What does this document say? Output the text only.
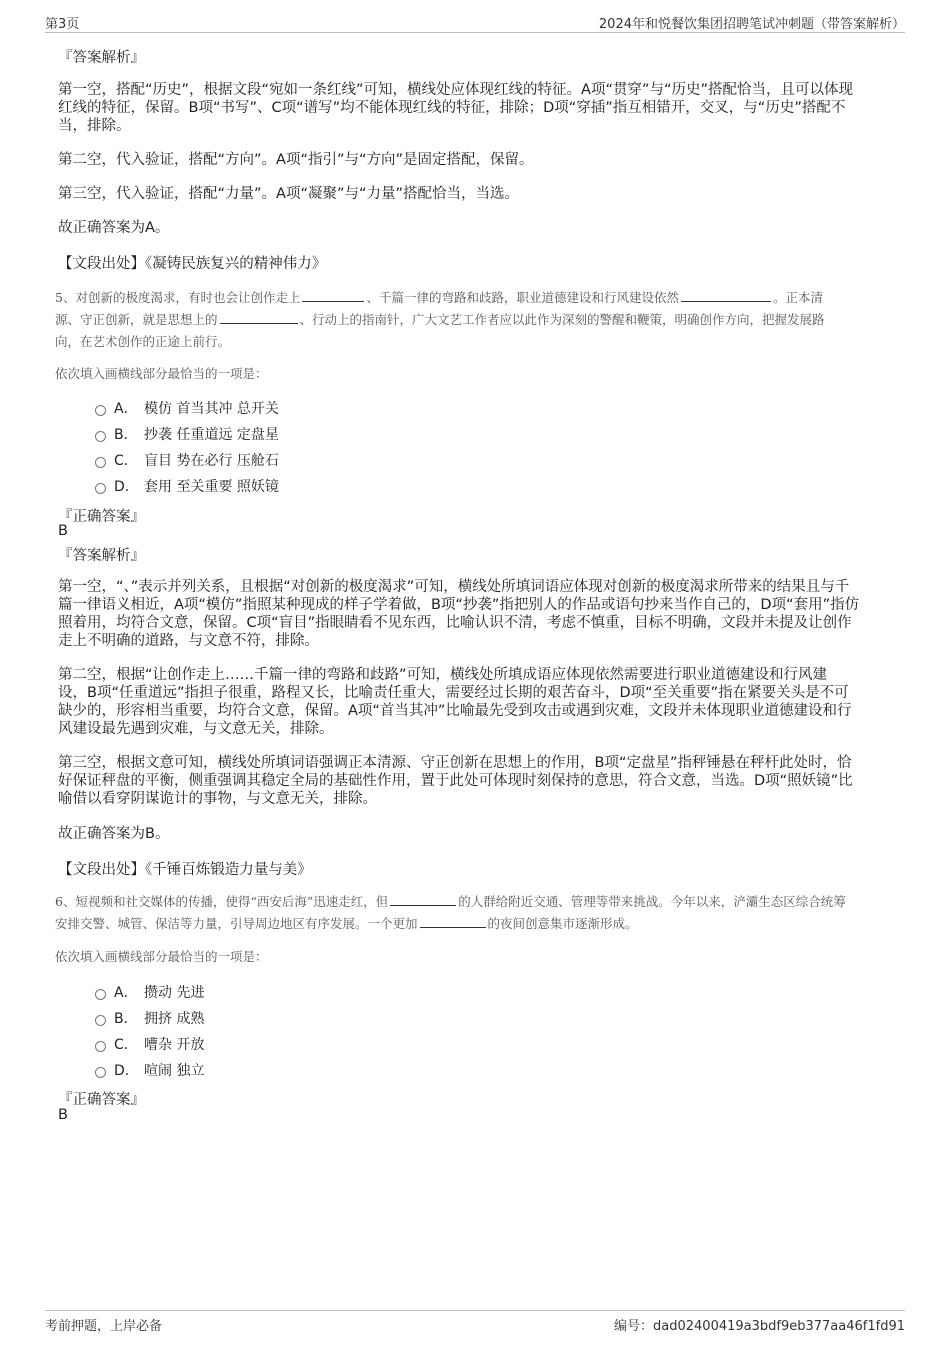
第3页	2024年和悦餐饮集团招聘笔试冲刺题（带答案解析）
『答案解析』
第一空，搭配“历史”，根据文段“宛如一条红线”可知，横线处应体现红线的特征。A项“贯穿”与“历史”搭配恰当，且可以体现
红线的特征，保留。B项“书写”、C项“谱写”均不能体现红线的特征，排除；D项“穿插”指互相错开，交叉，与“历史”搭配不
当，排除。
第二空，代入验证，搭配“方向”。A项“指引”与“方向”是固定搭配，保留。
第三空，代入验证，搭配“力量”。A项“凝聚”与“力量”搭配恰当，当选。
故正确答案为A。
【文段出处】《凝铸民族复兴的精神伟力》
5、对创新的极度渴求，有时也会让创作走上	、千篇一律的弯路和歧路，职业道德建设和行风建设依然	。正本清
源、守正创新，就是思想上的	、行动上的指南针，广大文艺工作者应以此作为深刻的警醒和鞭策，明确创作方向，把握发展路
向，在艺术创作的正途上前行。
依次填入画横线部分最恰当的一项是：
A． 模仿 首当其冲 总开关
B． 抄袭 任重道远 定盘星
C． 盲目 势在必行 压舱石
D． 套用 至关重要 照妖镜
『正确答案』
B
『答案解析』
第一空，“、”表示并列关系，且根据“对创新的极度渴求”可知，横线处所填词语应体现对创新的极度渴求所带来的结果且与千
篇一律语义相近，A项“模仿”指照某种现成的样子学着做，B项“抄袭”指把别人的作品或语句抄来当作自己的，D项“套用”指仿
照着用，均符合文意，保留。C项“盲目”指眼睛看不见东西，比喻认识不清，考虑不慎重，目标不明确，文段并未提及让创作
走上不明确的道路，与文意不符，排除。
第二空，根据“让创作走上……千篇一律的弯路和歧路”可知，横线处所填成语应体现依然需要进行职业道德建设和行风建
设，B项“任重道远”指担子很重，路程又长，比喻责任重大，需要经过长期的艰苦奋斗，D项“至关重要”指在紧要关头是不可
缺少的，形容相当重要，均符合文意，保留。A项“首当其冲”比喻最先受到攻击或遇到灾难，文段并未体现职业道德建设和行
风建设最先遇到灾难，与文意无关，排除。
第三空，根据文意可知，横线处所填词语强调正本清源、守正创新在思想上的作用，B项“定盘星”指秤锤悬在秤杆此处时，恰
好保证秤盘的平衡，侧重强调其稳定全局的基础性作用，置于此处可体现时刻保持的意思，符合文意，当选。D项“照妖镜”比
喻借以看穿阴谋诡计的事物，与文意无关，排除。
故正确答案为B。
【文段出处】《千锤百炼锻造力量与美》
6、短视频和社交媒体的传播，使得“西安后海”迅速走红，但	的人群给附近交通、管理等带来挑战。今年以来，浐灞生态区综合统筹
安排交警、城管、保洁等力量，引导周边地区有序发展。一个更加	的夜间创意集市逐渐形成。
依次填入画横线部分最恰当的一项是：
A． 攒动 先进
B． 拥挤 成熟
C． 嘈杂 开放
D． 喧闹 独立
『正确答案』
B
考前押题，上岸必备	编号：dad02400419a3bdf9eb377aa46f1fd91
